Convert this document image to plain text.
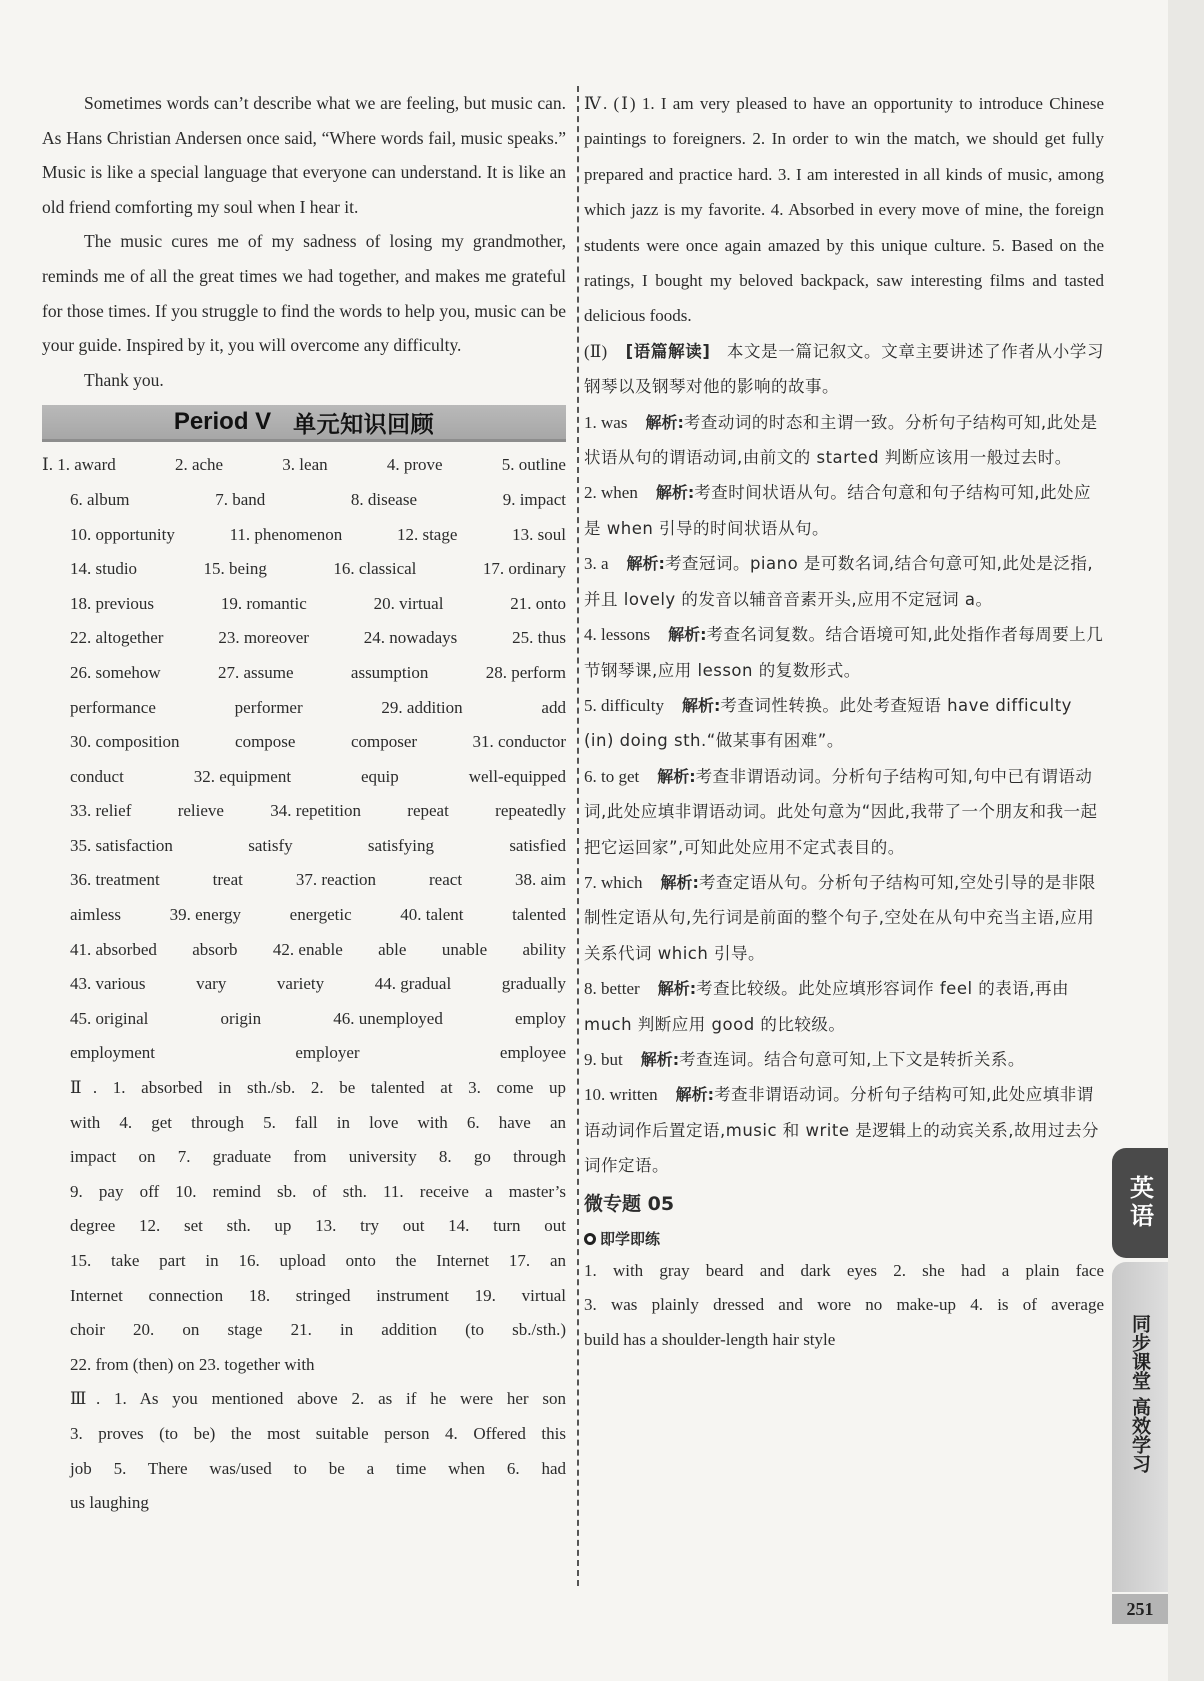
Sometimes words can’t describe what we are feeling, but music can. As Hans Christian Andersen once said, “Where words fail, music speaks.” Music is like a special language that everyone can understand. It is like an old friend comforting my soul when I hear it.

The music cures me of my sadness of losing my grandmother, reminds me of all the great times we had together, and makes me grateful for those times. If you struggle to find the words to help you, music can be your guide. Inspired by it, you will overcome any difficulty.

Thank you.

Period V 单元知识回顾
Ⅰ. 1. award	2. ache	3. lean	4. prove	5. outline
6. album	7. band	8. disease	9. impact
10. opportunity	11. phenomenon	12. stage	13. soul
14. studio	15. being	16. classical	17. ordinary
18. previous	19. romantic	20. virtual	21. onto
22. altogether	23. moreover	24. nowadays	25. thus
26. somehow	27. assume	assumption	28. perform
performance	performer	29. addition	add
30. composition	compose	composer	31. conductor
conduct	32. equipment	equip	well-equipped
33. relief	relieve	34. repetition	repeat	repeatedly
35. satisfaction	satisfy	satisfying	satisfied
36. treatment	treat	37. reaction	react	38. aim
aimless	39. energy	energetic	40. talent	talented
41. absorbed absorb 42. enable able unable ability
43. various	vary	variety	44. gradual	gradually
45. original	origin	46. unemployed	employ
employment	employer	employee
Ⅱ. 1. absorbed in sth./sb. 2. be talented at 3. come up
with 4. get through 5. fall in love with 6. have an
impact on 7. graduate from university 8. go through
9. pay off 10. remind sb. of sth. 11. receive a master’s
degree 12. set sth. up 13. try out 14. turn out
15. take part in 16. upload onto the Internet 17. an
Internet connection 18. stringed instrument 19. virtual
choir 20. on stage 21. in addition (to sb./sth.)
22. from (then) on 23. together with
Ⅲ. 1. As you mentioned above 2. as if he were her son
3. proves (to be) the most suitable person 4. Offered this
job 5. There was/used to be a time when 6. had
us laughing

Ⅳ. (Ⅰ) 1. I am very pleased to have an opportunity to introduce Chinese paintings to foreigners. 2. In order to win the match, we should get fully prepared and practice hard. 3. I am interested in all kinds of music, among which jazz is my favorite. 4. Absorbed in every move of mine, the foreign students were once again amazed by this unique culture. 5. Based on the ratings, I bought my beloved backpack, saw interesting films and tasted delicious foods.

(Ⅱ) [语篇解读] 本文是一篇记叙文。文章主要讲述了作者从小学习钢琴以及钢琴对他的影响的故事。

1. was 解析:考查动词的时态和主谓一致。分析句子结构可知,此处是状语从句的谓语动词,由前文的 started 判断应该用一般过去时。
2. when 解析:考查时间状语从句。结合句意和句子结构可知,此处应是 when 引导的时间状语从句。
3. a 解析:考查冠词。piano 是可数名词,结合句意可知,此处是泛指,并且 lovely 的发音以辅音音素开头,应用不定冠词 a。
4. lessons 解析:考查名词复数。结合语境可知,此处指作者每周要上几节钢琴课,应用 lesson 的复数形式。
5. difficulty 解析:考查词性转换。此处考查短语 have difficulty (in) doing sth.“做某事有困难”。
6. to get 解析:考查非谓语动词。分析句子结构可知,句中已有谓语动词,此处应填非谓语动词。此处句意为“因此,我带了一个朋友和我一起把它运回家”,可知此处应用不定式表目的。
7. which 解析:考查定语从句。分析句子结构可知,空处引导的是非限制性定语从句,先行词是前面的整个句子,空处在从句中充当主语,应用关系代词 which 引导。
8. better 解析:考查比较级。此处应填形容词作 feel 的表语,再由 much 判断应用 good 的比较级。
9. but 解析:考查连词。结合句意可知,上下文是转折关系。
10. written 解析:考查非谓语动词。分析句子结构可知,此处应填非谓语动词作后置定语,music 和 write 是逻辑上的动宾关系,故用过去分词作定语。
微专题 05
即学即练
1. with gray beard and dark eyes 2. she had a plain face
3. was plainly dressed and wore no make-up 4. is of average
build has a shoulder-length hair style
英语
同步课堂 高效学习
251
